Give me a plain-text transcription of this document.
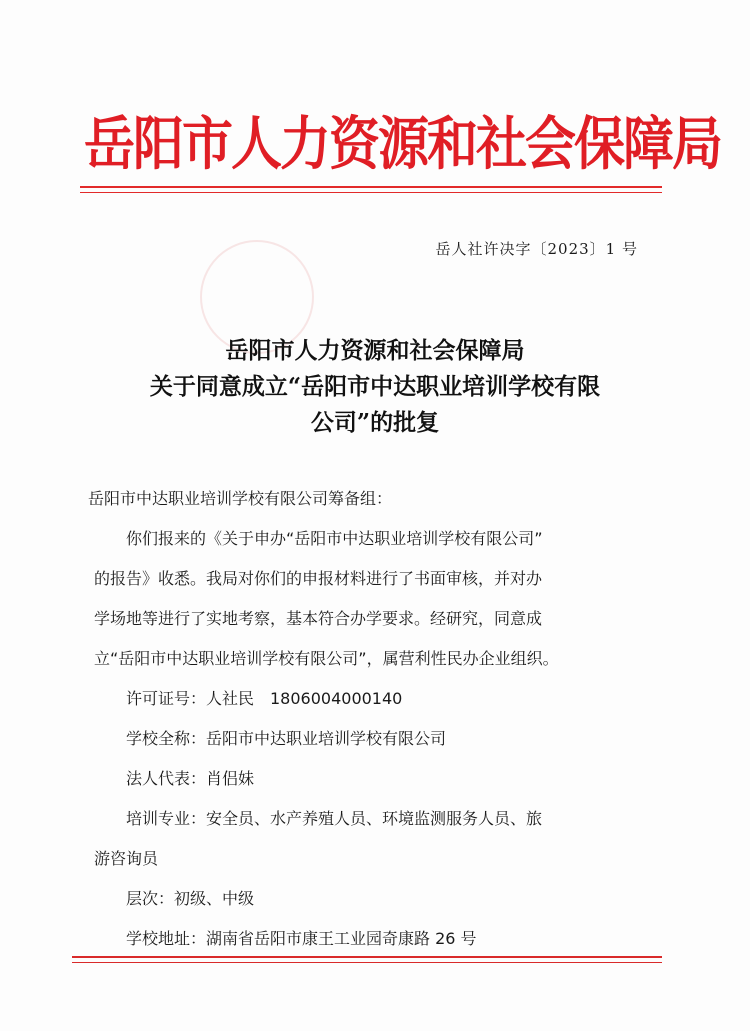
岳阳市人力资源和社会保障局
岳人社许决字〔2023〕1 号
岳阳市人力资源和社会保障局
关于同意成立“岳阳市中达职业培训学校有限
公司”的批复
岳阳市中达职业培训学校有限公司筹备组：
你们报来的《关于申办“岳阳市中达职业培训学校有限公司”
的报告》收悉。我局对你们的申报材料进行了书面审核，并对办
学场地等进行了实地考察，基本符合办学要求。经研究，同意成
立“岳阳市中达职业培训学校有限公司”，属营利性民办企业组织。
许可证号：人社民　1806004000140
学校全称：岳阳市中达职业培训学校有限公司
法人代表：肖侣妹
培训专业：安全员、水产养殖人员、环境监测服务人员、旅
游咨询员
层次：初级、中级
学校地址：湖南省岳阳市康王工业园奇康路 26 号
